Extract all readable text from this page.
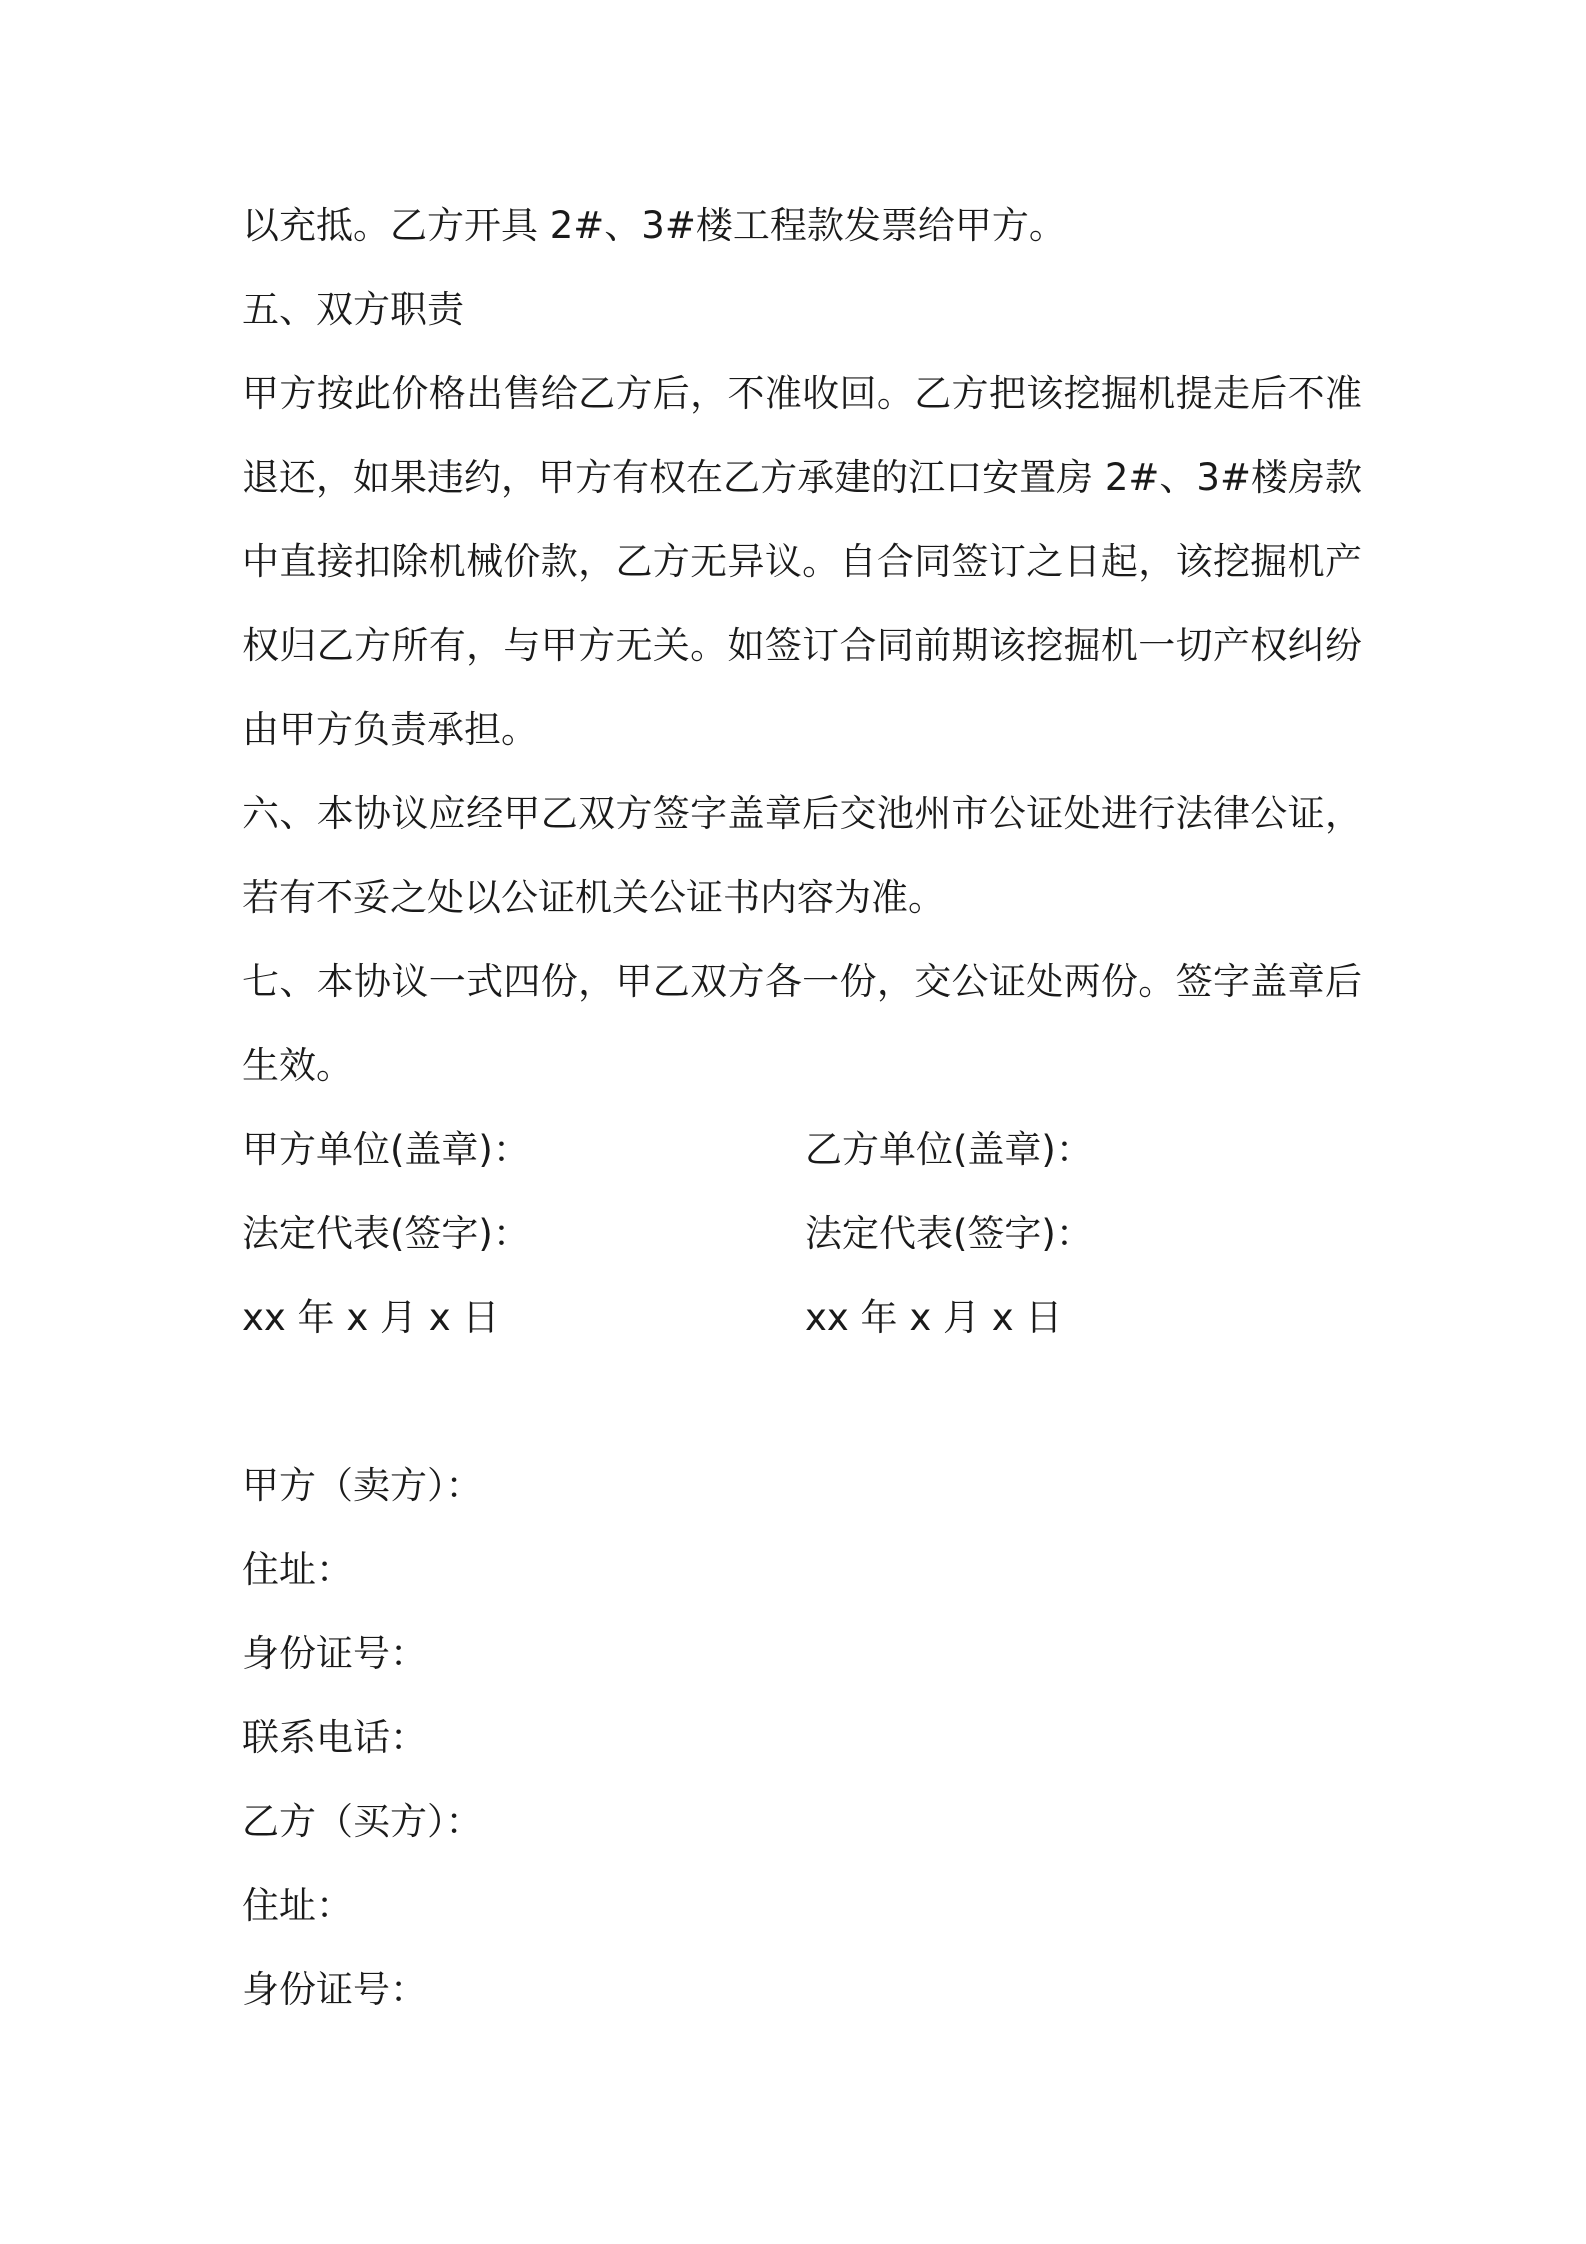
以充抵。乙方开具 2#、3#楼工程款发票给甲方。
五、双方职责
甲方按此价格出售给乙方后，不准收回。乙方把该挖掘机提走后不准
退还，如果违约，甲方有权在乙方承建的江口安置房 2#、3#楼房款
中直接扣除机械价款，乙方无异议。自合同签订之日起，该挖掘机产
权归乙方所有，与甲方无关。如签订合同前期该挖掘机一切产权纠纷
由甲方负责承担。
六、本协议应经甲乙双方签字盖章后交池州市公证处进行法律公证，
若有不妥之处以公证机关公证书内容为准。
七、本协议一式四份，甲乙双方各一份，交公证处两份。签字盖章后
生效。
甲方单位(盖章)：	乙方单位(盖章)：
法定代表(签字)：	法定代表(签字)：
xx 年 x 月 x 日	xx 年 x 月 x 日
甲方（卖方）：
住址：
身份证号：
联系电话：
乙方（买方）：
住址：
身份证号：
